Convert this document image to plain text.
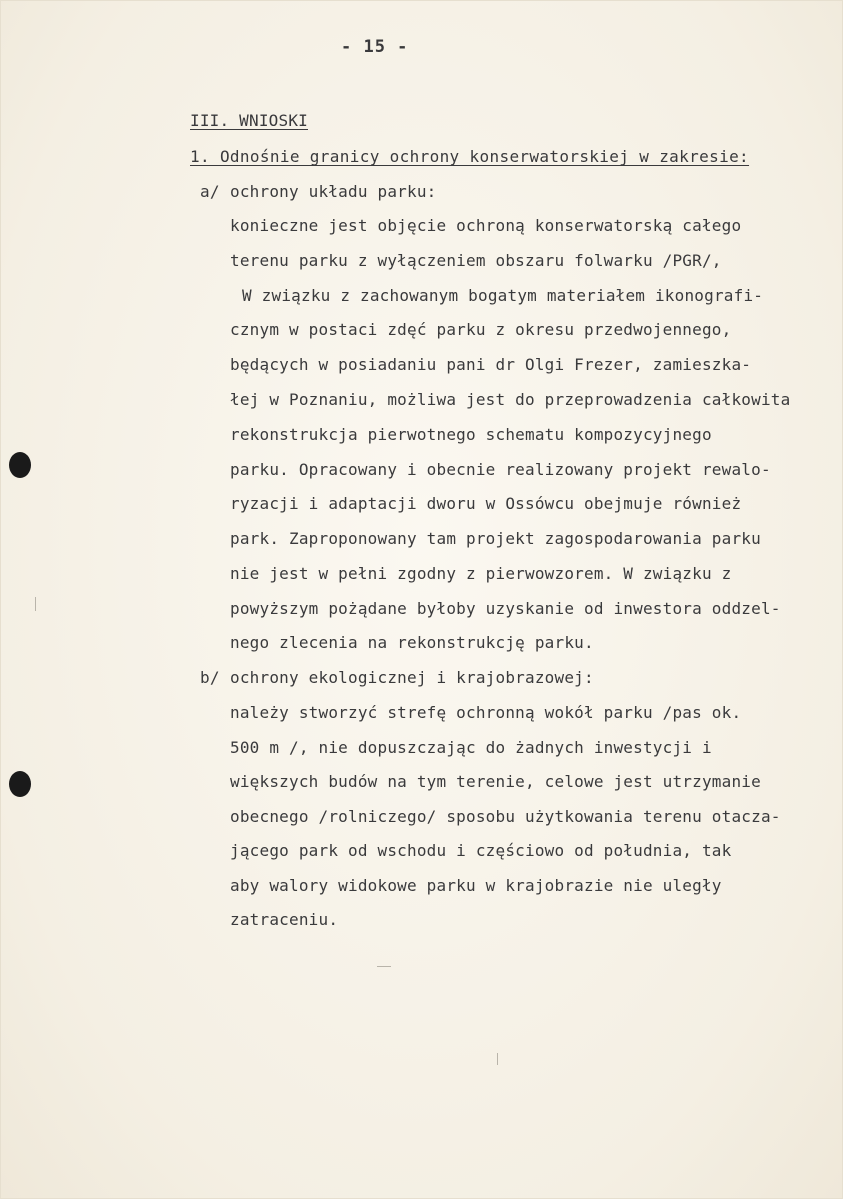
- 15 -
III. WNIOSKI
1. Odnośnie granicy ochrony konserwatorskiej w zakresie:
a/ ochrony układu parku:
konieczne jest objęcie ochroną konserwatorską całego
terenu parku z wyłączeniem obszaru folwarku /PGR/,
W związku z zachowanym bogatym materiałem ikonografi-
cznym w postaci zdęć parku z okresu przedwojennego,
będących w posiadaniu pani dr Olgi Frezer, zamieszka-
łej w Poznaniu, możliwa jest do przeprowadzenia całkowita
rekonstrukcja pierwotnego schematu kompozycyjnego
parku. Opracowany i obecnie realizowany projekt rewalo-
ryzacji i adaptacji dworu w Ossówcu obejmuje również
park. Zaproponowany tam projekt zagospodarowania parku
nie jest w pełni zgodny z pierwowzorem. W związku z
powyższym pożądane byłoby uzyskanie od inwestora oddzel-
nego zlecenia na rekonstrukcję parku.
b/ ochrony ekologicznej i krajobrazowej:
należy stworzyć strefę ochronną wokół parku /pas ok.
500 m /, nie dopuszczając do żadnych inwestycji i
większych budów na tym terenie, celowe jest utrzymanie
obecnego /rolniczego/ sposobu użytkowania terenu otacza-
jącego park od wschodu i częściowo od południa, tak
aby walory widokowe parku w krajobrazie nie uległy
zatraceniu.
